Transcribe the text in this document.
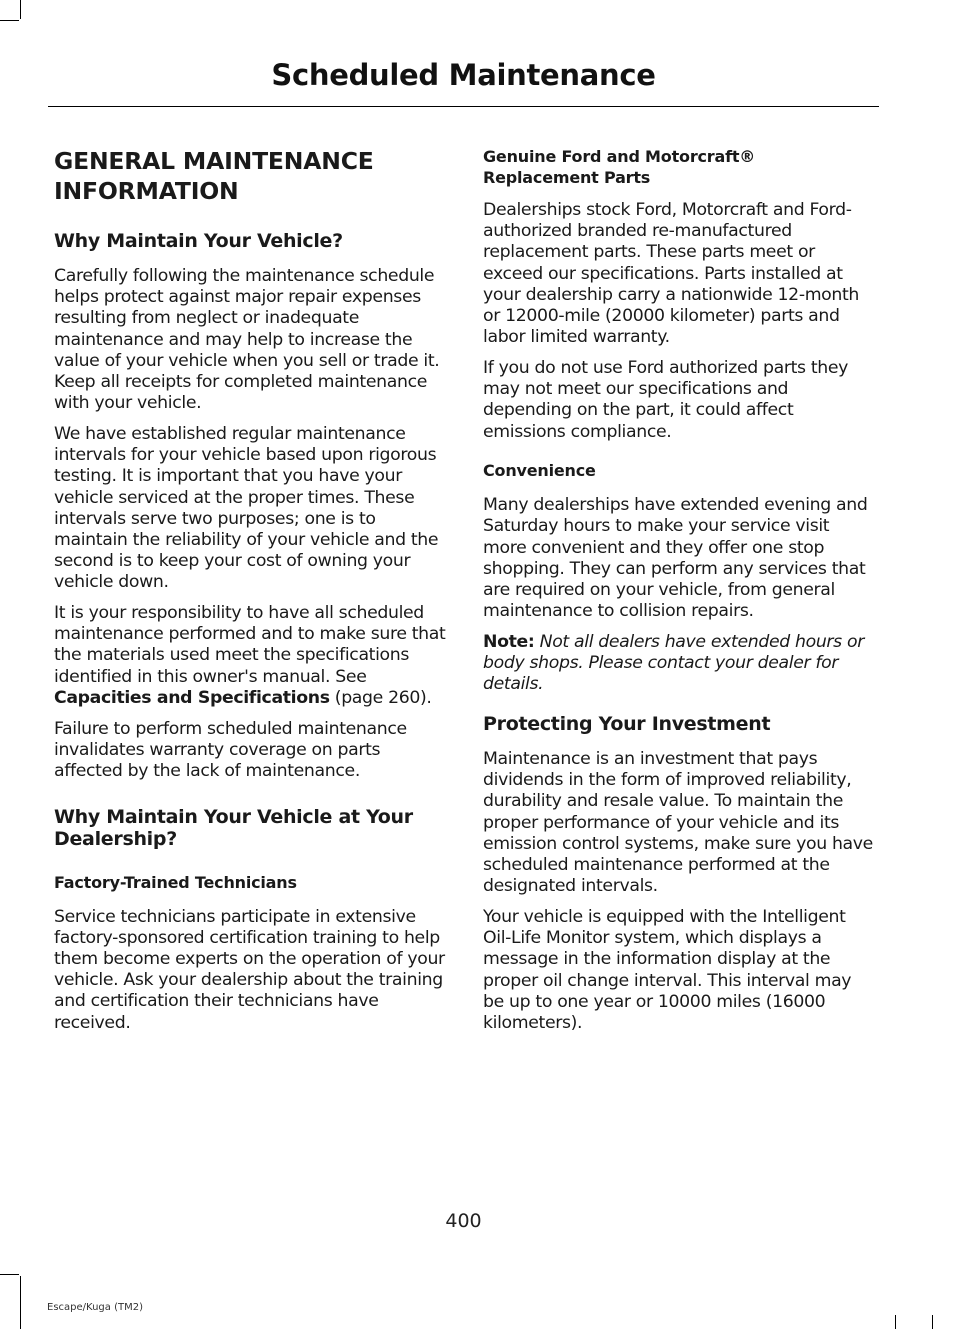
Scheduled Maintenance
GENERAL MAINTENANCE INFORMATION
Why Maintain Your Vehicle?

Carefully following the maintenance schedule helps protect against major repair expenses resulting from neglect or inadequate maintenance and may help to increase the value of your vehicle when you sell or trade it. Keep all receipts for completed maintenance with your vehicle.

We have established regular maintenance intervals for your vehicle based upon rigorous testing. It is important that you have your vehicle serviced at the proper times. These intervals serve two purposes; one is to maintain the reliability of your vehicle and the second is to keep your cost of owning your vehicle down.

It is your responsibility to have all scheduled maintenance performed and to make sure that the materials used meet the specifications identified in this owner's manual. See Capacities and Specifications (page 260).

Failure to perform scheduled maintenance invalidates warranty coverage on parts affected by the lack of maintenance.

Why Maintain Your Vehicle at Your Dealership?
Factory-Trained Technicians

Service technicians participate in extensive factory-sponsored certification training to help them become experts on the operation of your vehicle. Ask your dealership about the training and certification their technicians have received.

Genuine Ford and Motorcraft® Replacement Parts

Dealerships stock Ford, Motorcraft and Ford-authorized branded re-manufactured replacement parts. These parts meet or exceed our specifications. Parts installed at your dealership carry a nationwide 12-month or 12000-mile (20000 kilometer) parts and labor limited warranty.

If you do not use Ford authorized parts they may not meet our specifications and depending on the part, it could affect emissions compliance.

Convenience

Many dealerships have extended evening and Saturday hours to make your service visit more convenient and they offer one stop shopping. They can perform any services that are required on your vehicle, from general maintenance to collision repairs.

Note: Not all dealers have extended hours or body shops. Please contact your dealer for details.

Protecting Your Investment

Maintenance is an investment that pays dividends in the form of improved reliability, durability and resale value. To maintain the proper performance of your vehicle and its emission control systems, make sure you have scheduled maintenance performed at the designated intervals.

Your vehicle is equipped with the Intelligent Oil-Life Monitor system, which displays a message in the information display at the proper oil change interval. This interval may be up to one year or 10000 miles (16000 kilometers).

400
Escape/Kuga (TM2)
